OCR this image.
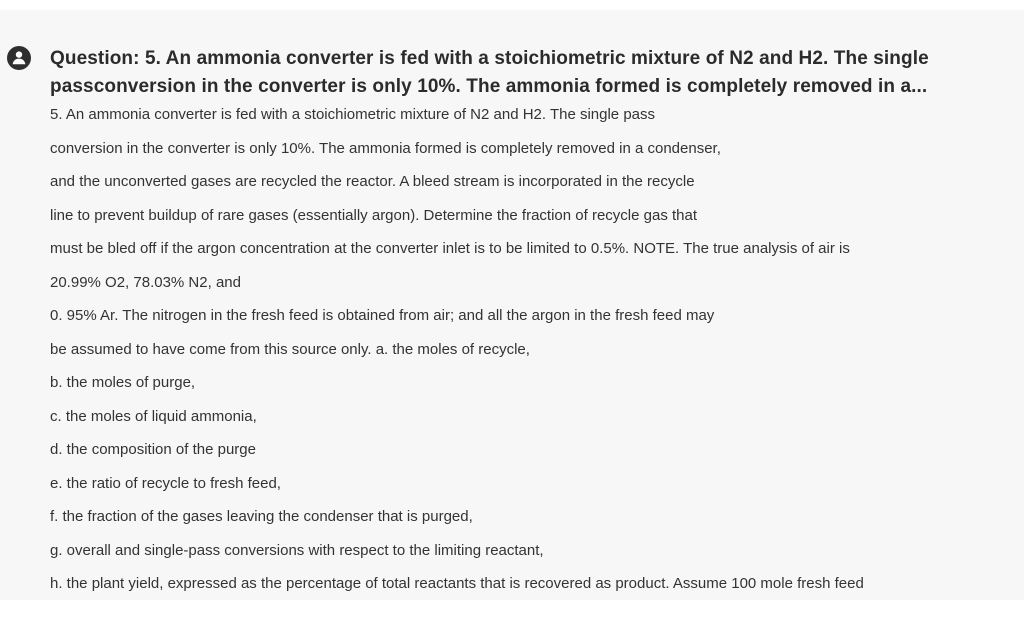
Question: 5. An ammonia converter is fed with a stoichiometric mixture of N2 and H2. The single
passconversion in the converter is only 10%. The ammonia formed is completely removed in a...
5. An ammonia converter is fed with a stoichiometric mixture of N2 and H2. The single pass
conversion in the converter is only 10%. The ammonia formed is completely removed in a condenser,
and the unconverted gases are recycled the reactor. A bleed stream is incorporated in the recycle
line to prevent buildup of rare gases (essentially argon). Determine the fraction of recycle gas that
must be bled off if the argon concentration at the converter inlet is to be limited to 0.5%. NOTE. The true analysis of air is
20.99% O2, 78.03% N2, and
0. 95% Ar. The nitrogen in the fresh feed is obtained from air; and all the argon in the fresh feed may
be assumed to have come from this source only. a. the moles of recycle,
b. the moles of purge,
c. the moles of liquid ammonia,
d. the composition of the purge
e. the ratio of recycle to fresh feed,
f. the fraction of the gases leaving the condenser that is purged,
g. overall and single-pass conversions with respect to the limiting reactant,
h. the plant yield, expressed as the percentage of total reactants that is recovered as product. Assume 100 mole fresh feed
